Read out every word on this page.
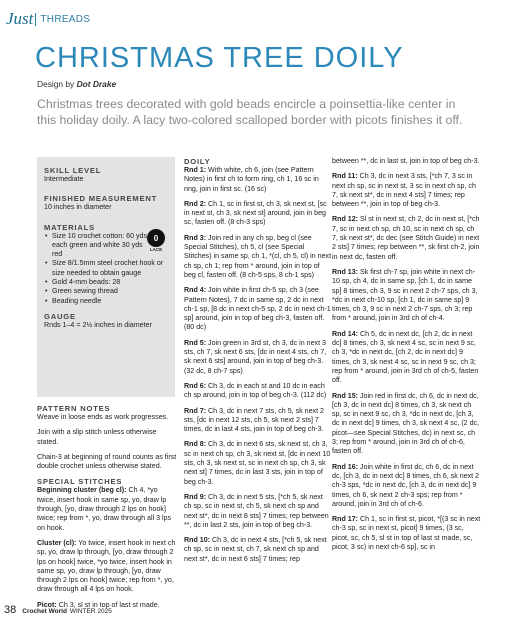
Just THREADS
CHRISTMAS TREE DOILY
Design by Dot Drake
Christmas trees decorated with gold beads encircle a poinsettia-like center in this holiday doily. A lacy two-colored scalloped border with picots finishes it off.
SKILL LEVEL
Intermediate
FINISHED MEASUREMENT
10 inches in diameter
MATERIALS
• Size 10 crochet cotton: 60 yds each green and white 30 yds red
• Size 8/1.5mm steel crochet hook or size needed to obtain gauge
• Gold 4-mm beads: 28
• Green sewing thread
• Beading needle
GAUGE
Rnds 1–4 = 2½ inches in diameter
0
LACE
PATTERN NOTES

Weave in loose ends as work progresses.

Join with a slip stitch unless otherwise stated.

Chain-3 at beginning of round counts as first double crochet unless otherwise stated.

SPECIAL STITCHES

Beginning cluster (beg cl): Ch 4, *yo twice, insert hook in same sp, yo, draw lp through, [yo, draw through 2 lps on hook] twice; rep from *, yo, draw through all 3 lps on hook.

Cluster (cl): Yo twice, insert hook in next ch sp, yo, draw lp through, [yo, draw through 2 lps on hook] twice, *yo twice, insert hook in same sp, yo, draw lp through, [yo, draw through 2 lps on hook] twice; rep from *, yo, draw through all 4 lps on hook.

Picot: Ch 3, sl st in top of last st made.

DOILY

Rnd 1: With white, ch 6, join (see Pattern Notes) in first ch to form ring, ch 1, 16 sc in ring, join in first sc. (16 sc)

Rnd 2: Ch 1, sc in first st, ch 3, sk next st, [sc in next st, ch 3, sk next st] around, join in beg sc, fasten off. (8 ch-3 sps)

Rnd 3: Join red in any ch sp, beg cl (see Special Stitches), ch 5, cl (see Special Stitches) in same sp, ch 1, *(cl, ch 5, cl) in next ch sp, ch 1; rep from * around, join in top of beg cl, fasten off. (8 ch-5 sps, 8 ch-1 sps)

Rnd 4: Join white in first ch-5 sp, ch 3 (see Pattern Notes), 7 dc in same sp, 2 dc in next ch-1 sp, [8 dc in next ch-5 sp, 2 dc in next ch-1 sp] around, join in top of beg ch-3, fasten off. (80 dc)

Rnd 5: Join green in 3rd st, ch 3, dc in next 3 sts, ch 7, sk next 6 sts, [dc in next 4 sts, ch 7, sk next 6 sts] around, join in top of beg ch-3. (32 dc, 8 ch-7 sps)

Rnd 6: Ch 3, dc in each st and 10 dc in each ch sp around, join in top of beg ch-3. (112 dc)

Rnd 7: Ch 3, dc in next 7 sts, ch 5, sk next 2 sts, [dc in next 12 sts, ch 5, sk next 2 sts] 7 times, dc in last 4 sts, join in top of beg ch-3.

Rnd 8: Ch 3, dc in next 6 sts, sk next st, ch 3, sc in next ch sp, ch 3, sk next st, [dc in next 10 sts, ch 3, sk next st, sc in next ch sp, ch 3, sk next st] 7 times, dc in last 3 sts, join in top of beg ch-3.

Rnd 9: Ch 3, dc in next 5 sts, [*ch 5, sk next ch sp, sc in next st, ch 5, sk next ch sp and next st*, dc in next 8 sts] 7 times; rep between **, dc in last 2 sts, join in top of beg ch-3.

Rnd 10: Ch 3, dc in next 4 sts, [*ch 5, sk next ch sp, sc in next st, ch 7, sk next ch sp and next st*, dc in next 6 sts] 7 times; rep

between **, dc in last st, join in top of beg ch-3.

Rnd 11: Ch 3, dc in next 3 sts, [*ch 7, 3 sc in next ch sp, sc in next st, 3 sc in next ch sp, ch 7, sk next st*, dc in next 4 sts] 7 times; rep between **, join in top of beg ch-3.

Rnd 12: Sl st in next st, ch 2, dc in next st, [*ch 7, sc in next ch sp, ch 10, sc in next ch sp, ch 7, sk next st*, dc dec (see Stitch Guide) in next 2 sts] 7 times; rep between **, sk first ch-2, join in next dc, fasten off.

Rnd 13: Sk first ch-7 sp, join white in next ch-10 sp, ch 4, dc in same sp, [ch 1, dc in same sp] 8 times, ch 3, 9 sc in next 2 ch-7 sps, ch 3, *dc in next ch-10 sp, [ch 1, dc in same sp] 9 times, ch 3, 9 sc in next 2 ch-7 sps, ch 3; rep from * around, join in 3rd ch of ch-4.

Rnd 14: Ch 5, dc in next dc, [ch 2, dc in next dc] 8 times, ch 3, sk next 4 sc, sc in next 9 sc, ch 3, *dc in next dc, [ch 2, dc in next dc] 9 times, ch 3, sk next 4 sc, sc in next 9 sc, ch 3; rep from * around, join in 3rd ch of ch-5, fasten off.

Rnd 15: Join red in first dc, ch 6, dc in next dc, [ch 3, dc in next dc] 8 times, ch 3, sk next ch sp, sc in next 9 sc, ch 3, *dc in next dc, [ch 3, dc in next dc] 9 times, ch 3, sk next 4 sc, (2 dc, picot—see Special Stitches, dc) in next sc, ch 3; rep from * around, join in 3rd ch of ch-6, fasten off.

Rnd 16: Join white in first dc, ch 6, dc in next dc, [ch 3, dc in next dc] 8 times, ch 6, sk next 2 ch-3 sps, *dc in next dc, [ch 3, dc in next dc] 9 times, ch 6, sk next 2 ch-3 sps; rep from * around, join in 3rd ch of ch-6.

Rnd 17: Ch 1, sc in first st, picot, *[(3 sc in next ch-3 sp, sc in next st, picot] 9 times, (3 sc, picot, sc, ch 5, sl st in top of last st made, sc, picot, 3 sc) in next ch-6 sp], sc in

38 Crochet World WINTER 2025
